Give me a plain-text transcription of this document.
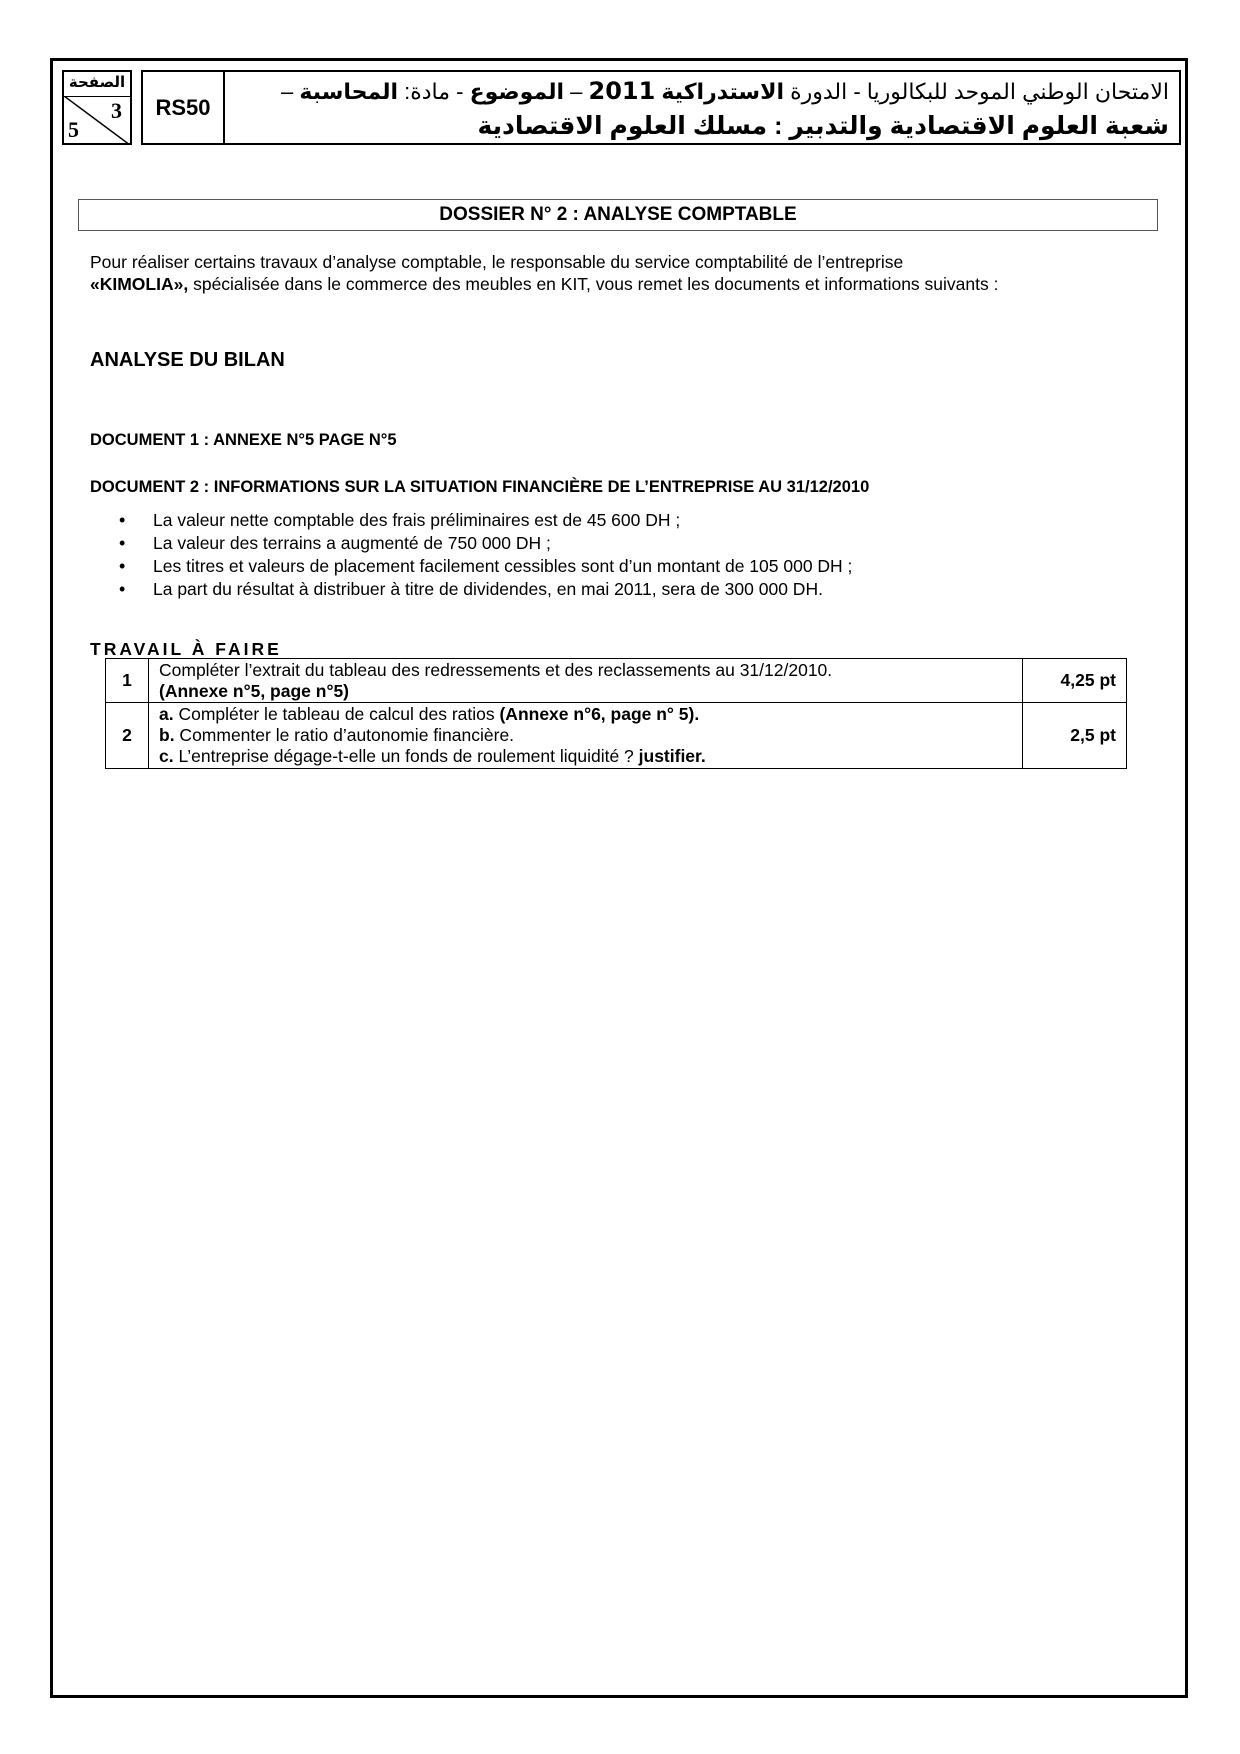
الصفحة
3
5
RS50
الامتحان الوطني الموحد للبكالوريا - الدورة الاستدراكية 2011 – الموضوع - مادة: المحاسبة –
شعبة العلوم الاقتصادية والتدبير : مسلك العلوم الاقتصادية
DOSSIER N° 2 : ANALYSE COMPTABLE
Pour réaliser certains travaux d’analyse comptable, le responsable du service comptabilité de l’entreprise
«KIMOLIA», spécialisée dans le commerce des meubles en KIT, vous remet les documents et informations suivants :
ANALYSE DU BILAN
DOCUMENT 1 : ANNEXE N°5 PAGE N°5
DOCUMENT 2 : INFORMATIONS SUR LA SITUATION FINANCIÈRE DE L’ENTREPRISE AU 31/12/2010
• La valeur nette comptable des frais préliminaires est de 45 600 DH ;
• La valeur des terrains a augmenté de 750 000 DH ;
• Les titres et valeurs de placement facilement cessibles sont d’un montant de 105 000 DH ;
• La part du résultat à distribuer à titre de dividendes, en mai 2011, sera de 300 000 DH.
TRAVAIL À FAIRE
1	Compléter l’extrait du tableau des redressements et des reclassements au 31/12/2010.
(Annexe n°5, page n°5)	4,25 pt
2	a. Compléter le tableau de calcul des ratios (Annexe n°6, page n° 5).
b. Commenter le ratio d’autonomie financière.
c. L’entreprise dégage-t-elle un fonds de roulement liquidité ? justifier.	2,5 pt
